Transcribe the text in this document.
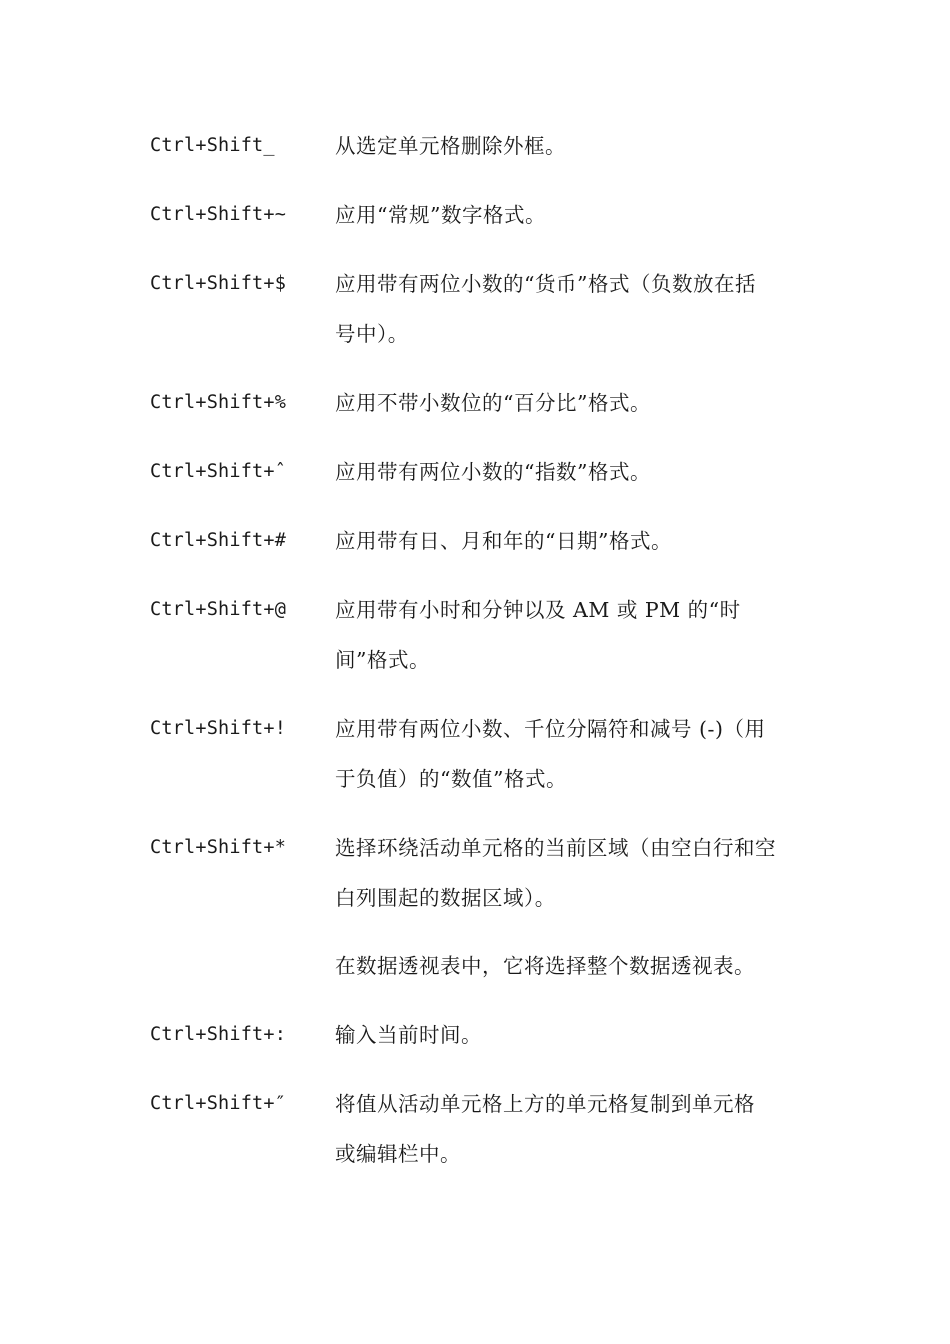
Ctrl+Shift_	从选定单元格删除外框。

Ctrl+Shift+~	应用“常规”数字格式。

Ctrl+Shift+$	应用带有两位小数的“货币”格式（负数放在括

号中）。

Ctrl+Shift+%	应用不带小数位的“百分比”格式。

Ctrl+Shift+ˆ	应用带有两位小数的“指数”格式。

Ctrl+Shift+#	应用带有日、月和年的“日期”格式。

Ctrl+Shift+@	应用带有小时和分钟以及 AM 或 PM 的“时

间”格式。

Ctrl+Shift+!	应用带有两位小数、千位分隔符和减号 (-)（用

于负值）的“数值”格式。

Ctrl+Shift+*	选择环绕活动单元格的当前区域（由空白行和空

白列围起的数据区域）。

在数据透视表中，它将选择整个数据透视表。

Ctrl+Shift+:	输入当前时间。

Ctrl+Shift+″	将值从活动单元格上方的单元格复制到单元格

或编辑栏中。
